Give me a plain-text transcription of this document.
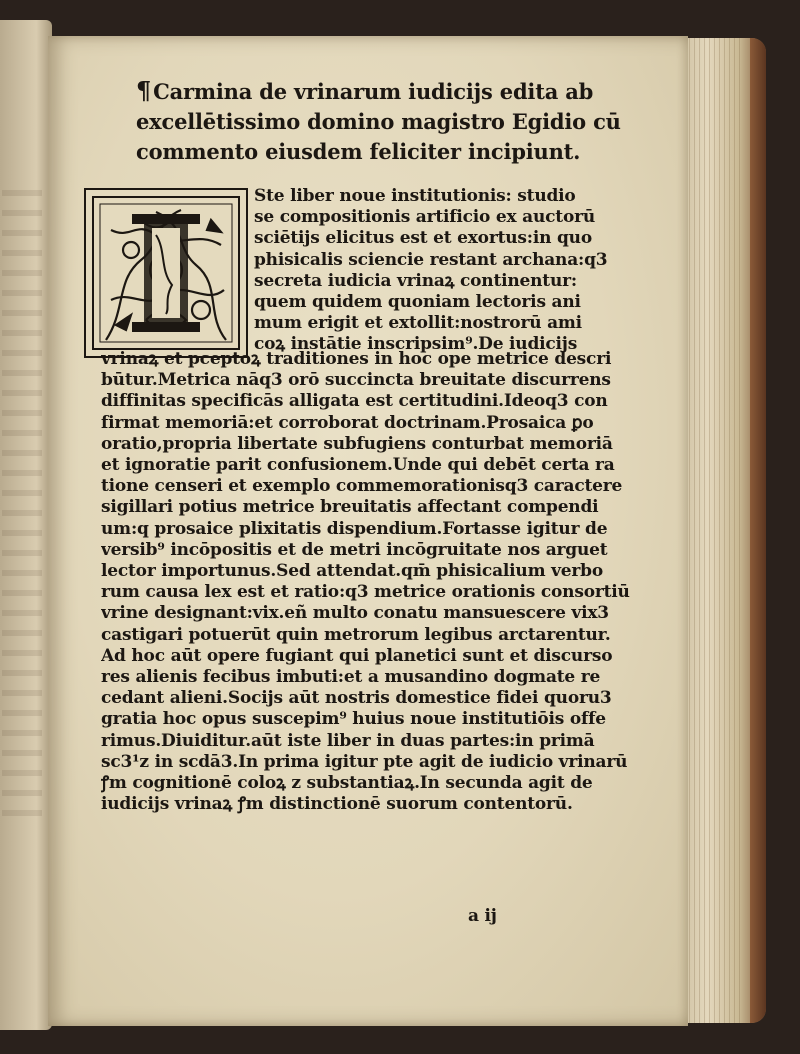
¶Carmina de vrinarum iudicijs edita ab
excellētissimo domino magistro Egidio cū
commento eiusdem feliciter incipiunt.
Ste liber noue institutionis: studio
se compositionis artificio ex auctorū
sciētijs elicitus est et exortus:in quo
phisicalis sciencie restant archana:q3
secreta iudicia vrinaꝝ continentur:
quem quidem quoniam lectoris ani
mum erigit et extollit:nostrorū ami
coꝝ instātie inscripsim⁹.De iudicijs
vrinaꝝ et pceptoꝝ traditiones in hoc ope metrice descri
būtur.Metrica nāq3 orō succincta breuitate discurrens
diffinitas specificās alligata est certitudini.Ideoq3 con
firmat memoriā:et corroborat doctrinam.Prosaica ꝑo
oratio,propria libertate subfugiens conturbat memoriā
et ignoratie parit confusionem.Unde qui debēt certa ra
tione censeri et exemplo commemorationisq3 caractere
sigillari potius metrice breuitatis affectant compendi
um:q prosaice plixitatis dispendium.Fortasse igitur de
versib⁹ incōpositis et de metri incōgruitate nos arguet
lector importunus.Sed attendat.qm̄ phisicalium verbo
rum causa lex est et ratio:q3 metrice orationis consortiū
vrine designant:vix.eñ multo conatu mansuescere vix3
castigari potuerūt quin metrorum legibus arctarentur.
Ad hoc aūt opere fugiant qui planetici sunt et discurso
res alienis fecibus imbuti:et a musandino dogmate re
cedant alieni.Socijs aūt nostris domestice fidei quoru3
gratia hoc opus suscepim⁹ huius noue institutiōis offe
rimus.Diuiditur.aūt iste liber in duas partes:in primā
sc3¹z in scdā3.In prima igitur pte agit de iudicio vrinarū
ꝭm cognitionē coloꝝ z substantiaꝝ.In secunda agit de
iudicijs vrinaꝝ ꝭm distinctionē suorum contentorū.
a ij
